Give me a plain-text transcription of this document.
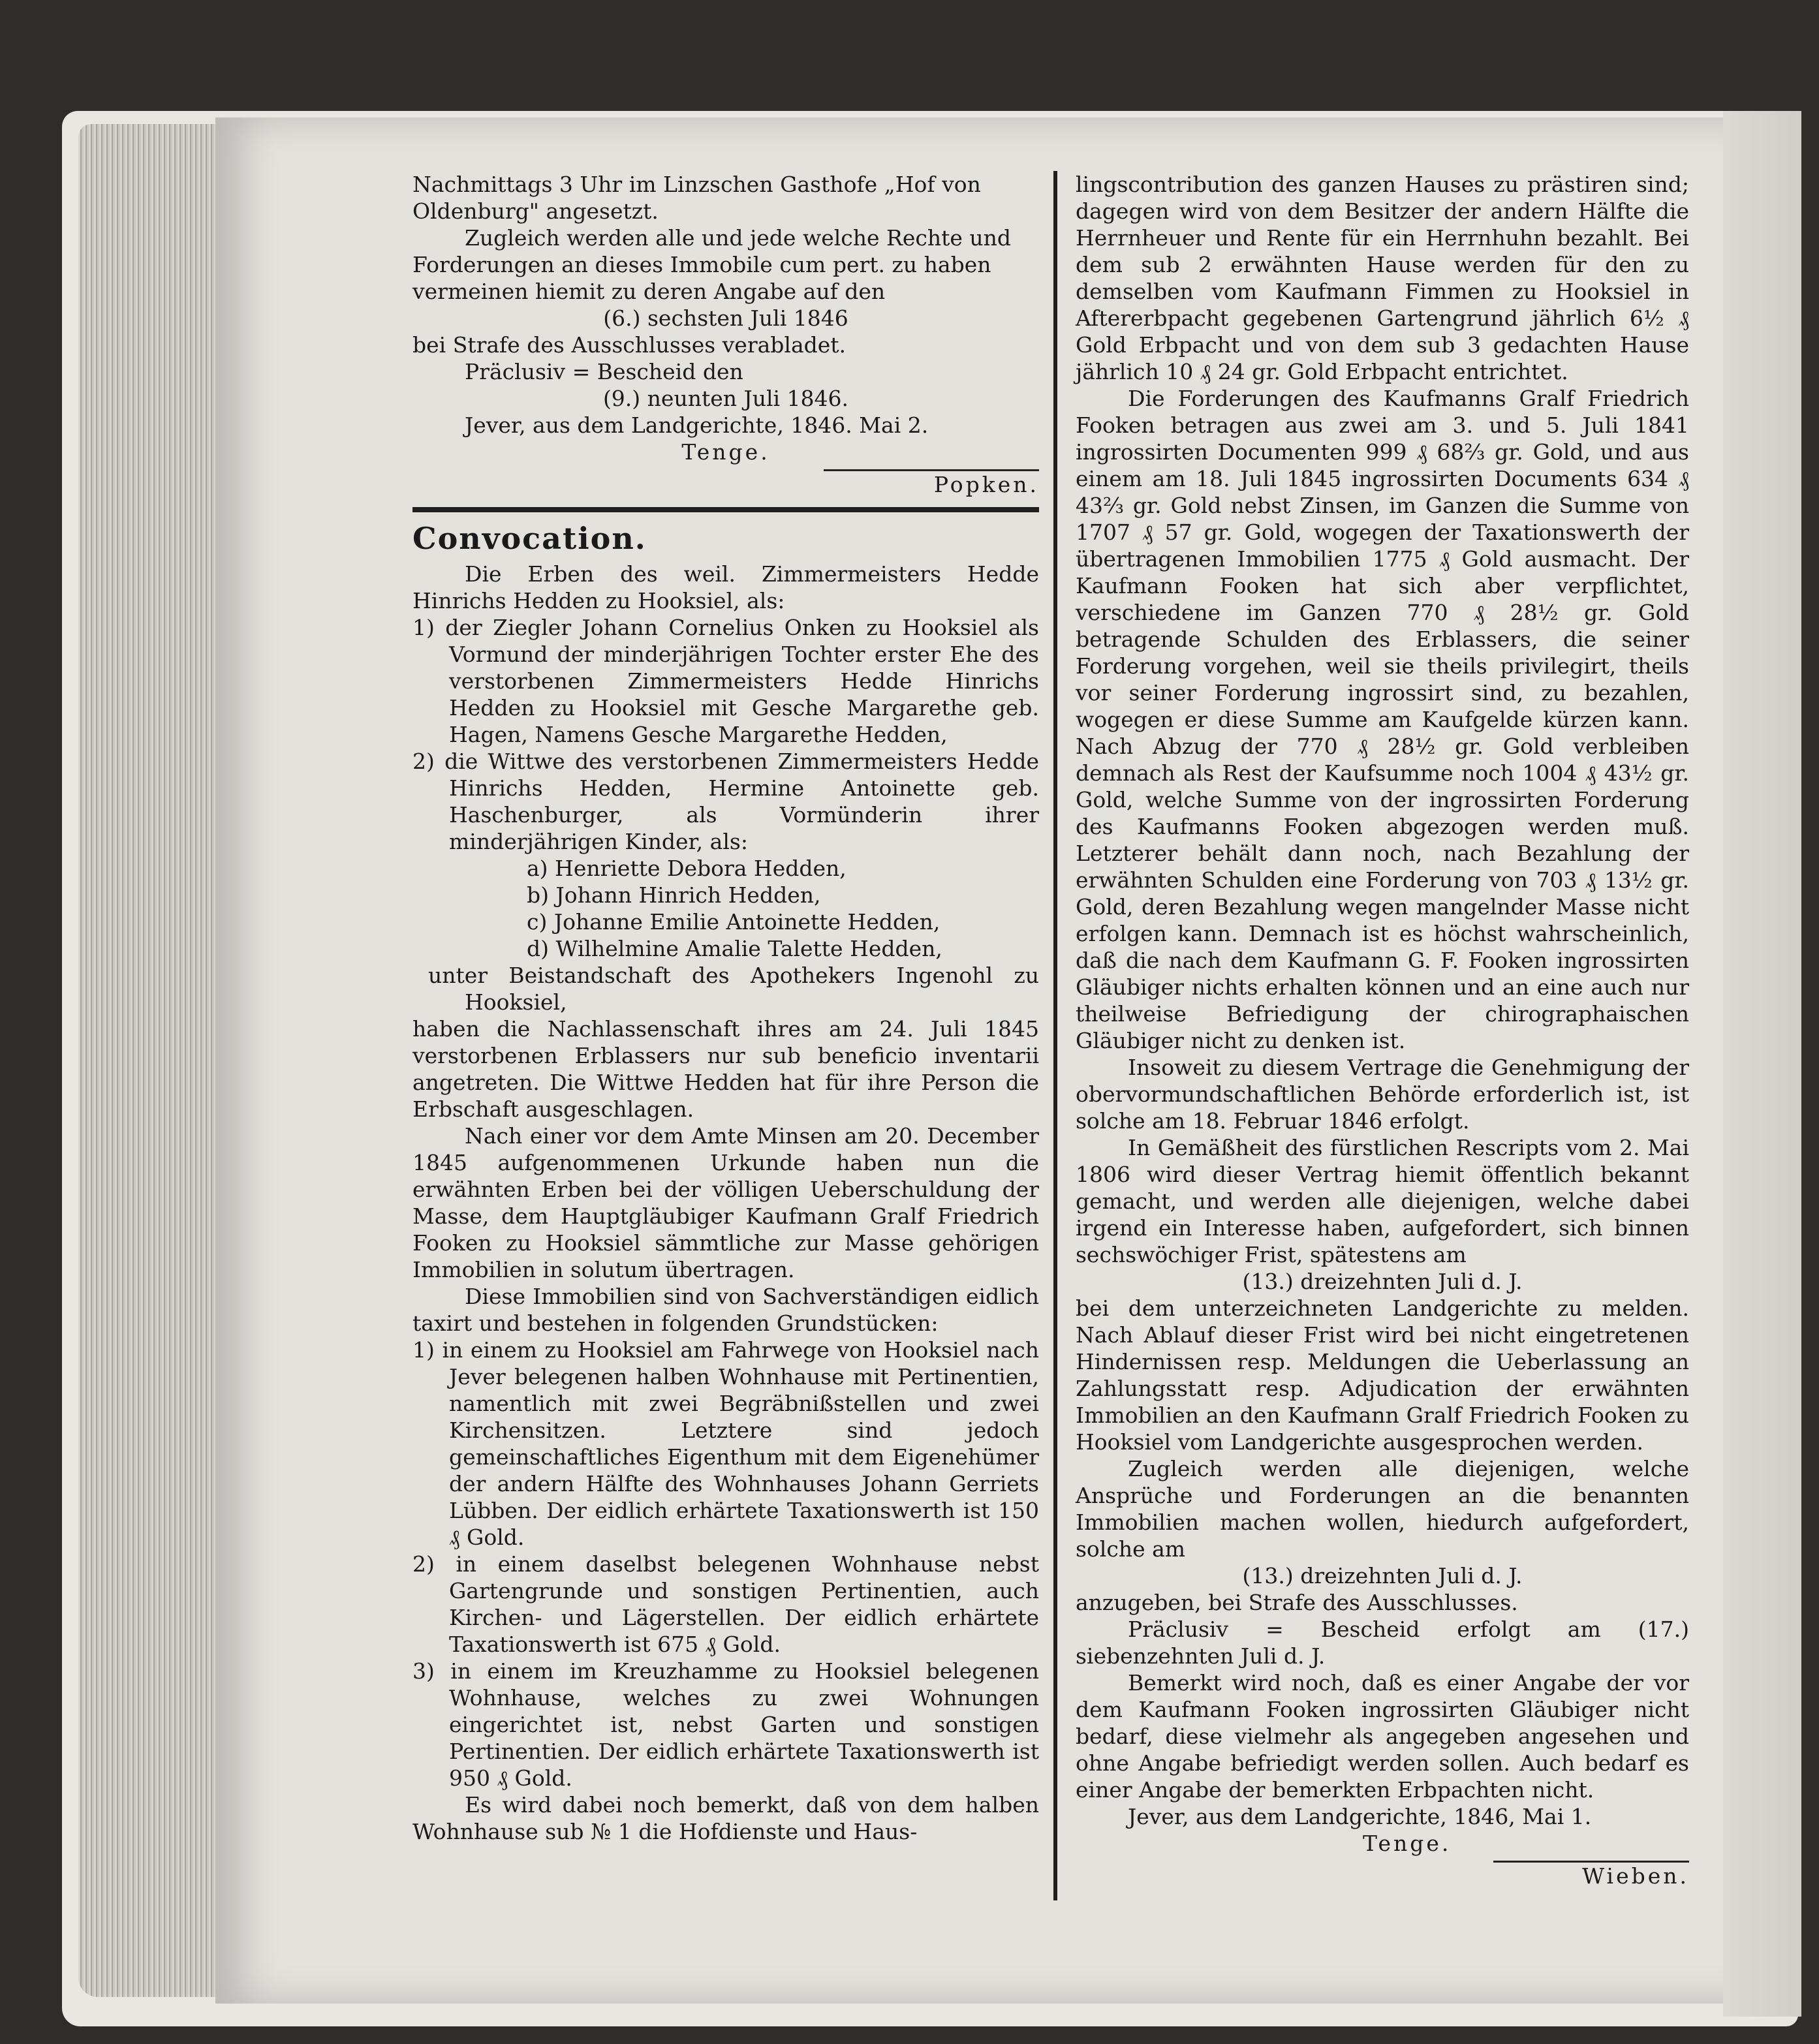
Nachmittags 3 Uhr im Linzschen Gasthofe „Hof von

Oldenburg" angesetzt.

Zugleich werden alle und jede welche Rechte und

Forderungen an dieses Immobile cum pert. zu haben

vermeinen hiemit zu deren Angabe auf den

(6.) sechsten Juli 1846

bei Strafe des Ausschlusses verabladet.

Präclusiv = Bescheid den

(9.) neunten Juli 1846.

Jever, aus dem Landgerichte, 1846. Mai 2.

Tenge.

Popken.

Convocation.

Die Erben des weil. Zimmermeisters Hedde Hinrichs Hedden zu Hooksiel, als:

1) der Ziegler Johann Cornelius Onken zu Hooksiel als Vormund der minderjährigen Tochter erster Ehe des verstorbenen Zimmermeisters Hedde Hinrichs Hedden zu Hooksiel mit Gesche Margarethe geb. Hagen, Namens Gesche Margarethe Hedden,

2) die Wittwe des verstorbenen Zimmermeisters Hedde Hinrichs Hedden, Hermine Antoinette geb. Haschenburger, als Vormünderin ihrer minderjährigen Kinder, als:

a) Henriette Debora Hedden,

b) Johann Hinrich Hedden,

c) Johanne Emilie Antoinette Hedden,

d) Wilhelmine Amalie Talette Hedden,

unter Beistandschaft des Apothekers Ingenohl zu Hooksiel,

haben die Nachlassenschaft ihres am 24. Juli 1845 verstorbenen Erblassers nur sub beneficio inventarii angetreten. Die Wittwe Hedden hat für ihre Person die Erbschaft ausgeschlagen.

Nach einer vor dem Amte Minsen am 20. December 1845 aufgenommenen Urkunde haben nun die erwähnten Erben bei der völligen Ueberschuldung der Masse, dem Hauptgläubiger Kaufmann Gralf Friedrich Fooken zu Hooksiel sämmtliche zur Masse gehörigen Immobilien in solutum übertragen.

Diese Immobilien sind von Sachverständigen eidlich taxirt und bestehen in folgenden Grundstücken:

1) in einem zu Hooksiel am Fahrwege von Hooksiel nach Jever belegenen halben Wohnhause mit Pertinentien, namentlich mit zwei Begräbnißstellen und zwei Kirchensitzen. Letztere sind jedoch gemeinschaftliches Eigenthum mit dem Eigenehümer der andern Hälfte des Wohnhauses Johann Gerriets Lübben. Der eidlich erhärtete Taxationswerth ist 150 ₰ Gold.

2) in einem daselbst belegenen Wohnhause nebst Gartengrunde und sonstigen Pertinentien, auch Kirchen- und Lägerstellen. Der eidlich erhärtete Taxationswerth ist 675 ₰ Gold.

3) in einem im Kreuzhamme zu Hooksiel belegenen Wohnhause, welches zu zwei Wohnungen eingerichtet ist, nebst Garten und sonstigen Pertinentien. Der eidlich erhärtete Taxationswerth ist 950 ₰ Gold.

Es wird dabei noch bemerkt, daß von dem halben Wohnhause sub № 1 die Hofdienste und Haus-

lingscontribution des ganzen Hauses zu prästiren sind; dagegen wird von dem Besitzer der andern Hälfte die Herrnheuer und Rente für ein Herrnhuhn bezahlt. Bei dem sub 2 erwähnten Hause werden für den zu demselben vom Kaufmann Fimmen zu Hooksiel in Aftererbpacht gegebenen Gartengrund jährlich 6½ ₰ Gold Erbpacht und von dem sub 3 gedachten Hause jährlich 10 ₰ 24 gr. Gold Erbpacht entrichtet.

Die Forderungen des Kaufmanns Gralf Friedrich Fooken betragen aus zwei am 3. und 5. Juli 1841 ingrossirten Documenten 999 ₰ 68⅔ gr. Gold, und aus einem am 18. Juli 1845 ingrossirten Documents 634 ₰ 43⅔ gr. Gold nebst Zinsen, im Ganzen die Summe von 1707 ₰ 57 gr. Gold, wogegen der Taxationswerth der übertragenen Immobilien 1775 ₰ Gold ausmacht. Der Kaufmann Fooken hat sich aber verpflichtet, verschiedene im Ganzen 770 ₰ 28½ gr. Gold betragende Schulden des Erblassers, die seiner Forderung vorgehen, weil sie theils privilegirt, theils vor seiner Forderung ingrossirt sind, zu bezahlen, wogegen er diese Summe am Kaufgelde kürzen kann. Nach Abzug der 770 ₰ 28½ gr. Gold verbleiben demnach als Rest der Kaufsumme noch 1004 ₰ 43½ gr. Gold, welche Summe von der ingrossirten Forderung des Kaufmanns Fooken abgezogen werden muß. Letzterer behält dann noch, nach Bezahlung der erwähnten Schulden eine Forderung von 703 ₰ 13½ gr. Gold, deren Bezahlung wegen mangelnder Masse nicht erfolgen kann. Demnach ist es höchst wahrscheinlich, daß die nach dem Kaufmann G. F. Fooken ingrossirten Gläubiger nichts erhalten können und an eine auch nur theilweise Befriedigung der chirographaischen Gläubiger nicht zu denken ist.

Insoweit zu diesem Vertrage die Genehmigung der obervormundschaftlichen Behörde erforderlich ist, ist solche am 18. Februar 1846 erfolgt.

In Gemäßheit des fürstlichen Rescripts vom 2. Mai 1806 wird dieser Vertrag hiemit öffentlich bekannt gemacht, und werden alle diejenigen, welche dabei irgend ein Interesse haben, aufgefordert, sich binnen sechswöchiger Frist, spätestens am

(13.) dreizehnten Juli d. J.

bei dem unterzeichneten Landgerichte zu melden. Nach Ablauf dieser Frist wird bei nicht eingetretenen Hindernissen resp. Meldungen die Ueberlassung an Zahlungsstatt resp. Adjudication der erwähnten Immobilien an den Kaufmann Gralf Friedrich Fooken zu Hooksiel vom Landgerichte ausgesprochen werden.

Zugleich werden alle diejenigen, welche Ansprüche und Forderungen an die benannten Immobilien machen wollen, hiedurch aufgefordert, solche am

(13.) dreizehnten Juli d. J.

anzugeben, bei Strafe des Ausschlusses.

Präclusiv = Bescheid erfolgt am (17.) siebenzehnten Juli d. J.

Bemerkt wird noch, daß es einer Angabe der vor dem Kaufmann Fooken ingrossirten Gläubiger nicht bedarf, diese vielmehr als angegeben angesehen und ohne Angabe befriedigt werden sollen. Auch bedarf es einer Angabe der bemerkten Erbpachten nicht.

Jever, aus dem Landgerichte, 1846, Mai 1.

Tenge.

Wieben.
